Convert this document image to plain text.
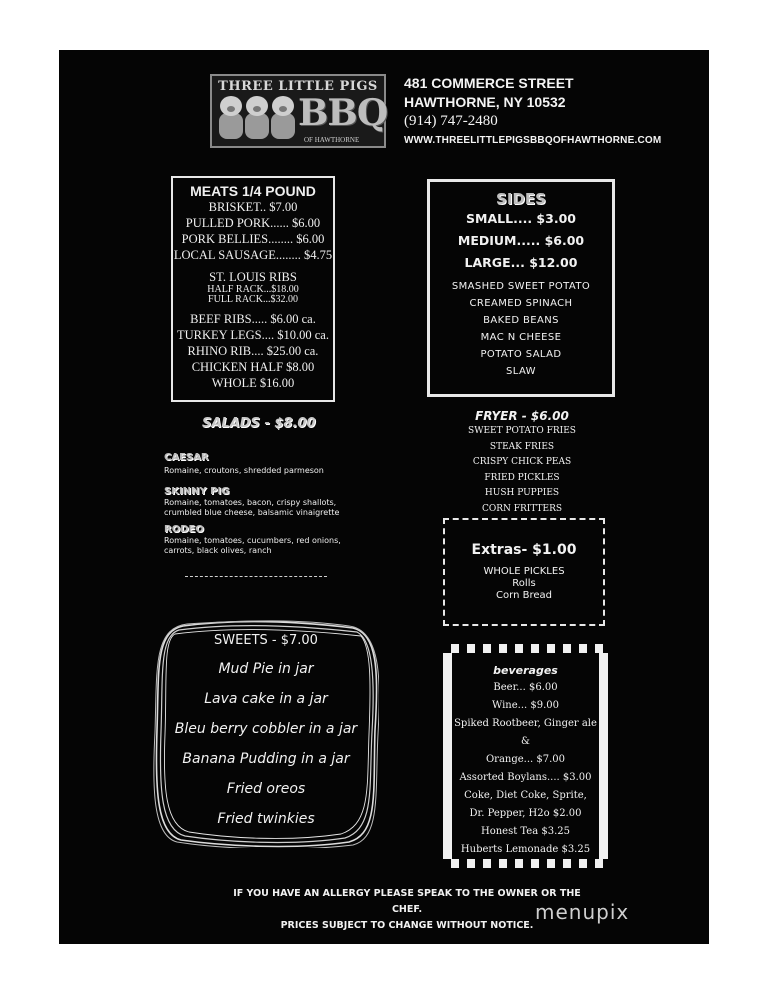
THREE LITTLE PIGS
BBQ
OF HAWTHORNE
481 COMMERCE STREET
HAWTHORNE, NY 10532
(914) 747-2480
WWW.THREELITTLEPIGSBBQOFHAWTHORNE.COM
MEATS 1/4 POUND
BRISKET.. $7.00
PULLED PORK...... $6.00
PORK BELLIES........ $6.00
LOCAL SAUSAGE........ $4.75
ST. LOUIS RIBS
HALF RACK...$18.00
FULL RACK...$32.00
BEEF RIBS..... $6.00 ca.
TURKEY LEGS.... $10.00 ca.
RHINO RIB.... $25.00 ca.
CHICKEN HALF $8.00
WHOLE $16.00
SIDES
SMALL.... $3.00
MEDIUM..... $6.00
LARGE... $12.00
SMASHED SWEET POTATO
CREAMED SPINACH
BAKED BEANS
MAC N CHEESE
POTATO SALAD
SLAW
SALADS - $8.00
CAESAR
Romaine, croutons, shredded parmeson
SKINNY PIG
Romaine, tomatoes, bacon, crispy shallots, crumbled blue cheese, balsamic vinaigrette
RODEO
Romaine, tomatoes, cucumbers, red onions, carrots, black olives, ranch
FRYER - $6.00
SWEET POTATO FRIES
STEAK FRIES
CRISPY CHICK PEAS
FRIED PICKLES
HUSH PUPPIES
CORN FRITTERS
Extras- $1.00
WHOLE PICKLES
Rolls
Corn Bread
SWEETS - $7.00
Mud Pie in jar
Lava cake in a jar
Bleu berry cobbler in a jar
Banana Pudding in a jar
Fried oreos
Fried twinkies
beverages
Beer... $6.00
Wine... $9.00
Spiked Rootbeer, Ginger ale &
Orange... $7.00
Assorted Boylans.... $3.00
Coke, Diet Coke, Sprite,
Dr. Pepper, H2o $2.00
Honest Tea $3.25
Huberts Lemonade $3.25
IF YOU HAVE AN ALLERGY PLEASE SPEAK TO THE OWNER OR THE CHEF.
PRICES SUBJECT TO CHANGE WITHOUT NOTICE.
menupix
